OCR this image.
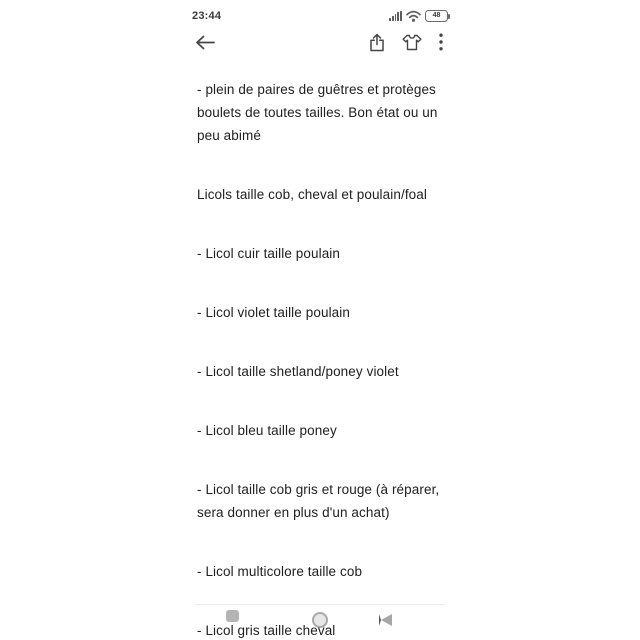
23:44	48

- plein de paires de guêtres et protèges
boulets de toutes tailles. Bon état ou un
peu abimé

Licols taille cob, cheval et poulain/foal

- Licol cuir taille poulain

- Licol violet taille poulain

- Licol taille shetland/poney violet

- Licol bleu taille poney

- Licol taille cob gris et rouge (à réparer,
sera donner en plus d'un achat)

- Licol multicolore taille cob

- Licol gris taille cheval
